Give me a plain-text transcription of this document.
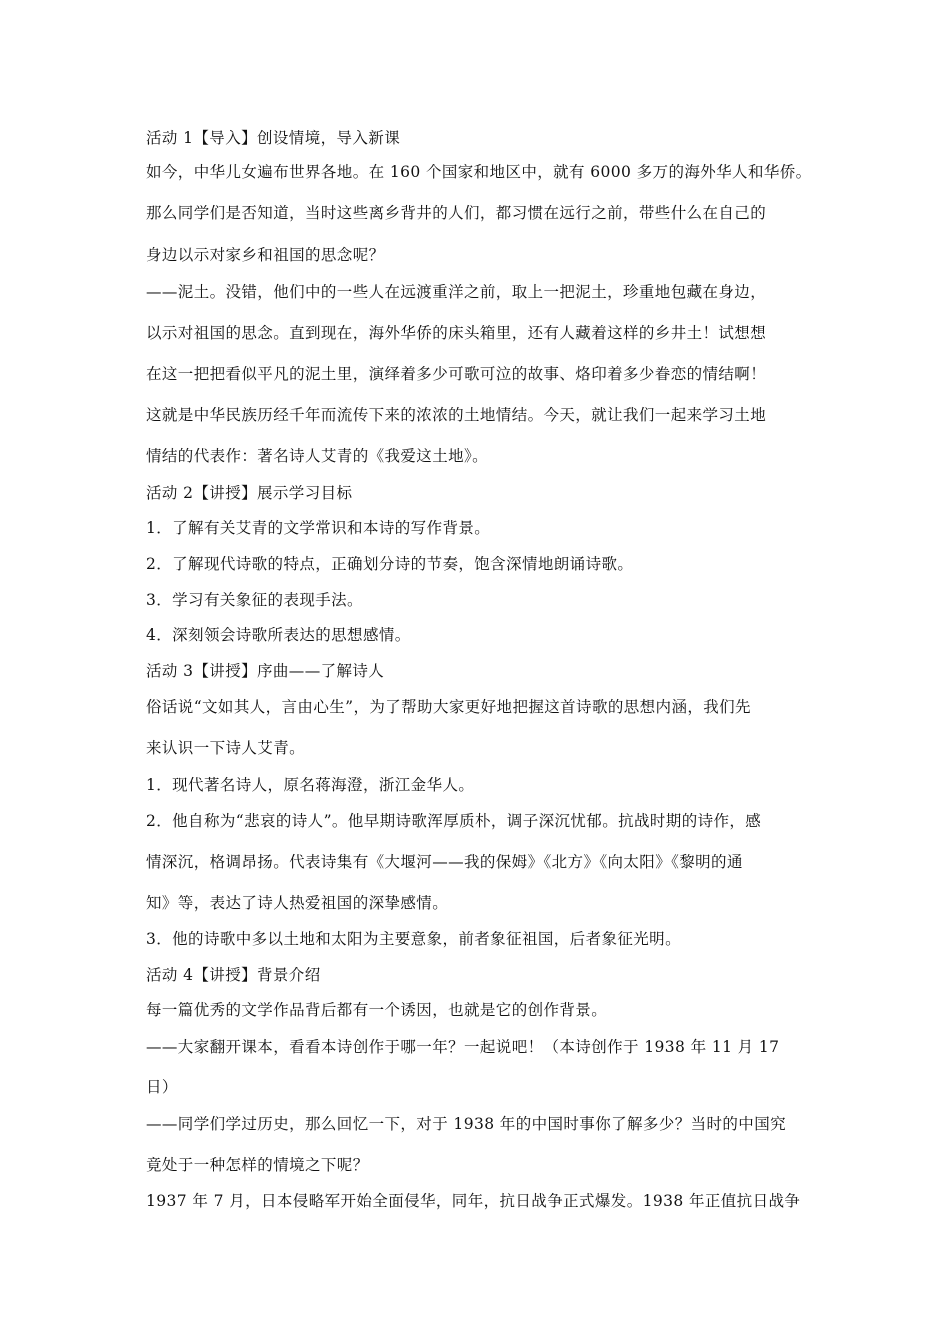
活动 1【导入】创设情境，导入新课
如今，中华儿女遍布世界各地。在 160 个国家和地区中，就有 6000 多万的海外华人和华侨。
那么同学们是否知道，当时这些离乡背井的人们，都习惯在远行之前，带些什么在自己的
身边以示对家乡和祖国的思念呢？
——泥土。没错，他们中的一些人在远渡重洋之前，取上一把泥土，珍重地包藏在身边，
以示对祖国的思念。直到现在，海外华侨的床头箱里，还有人藏着这样的乡井土！试想想
在这一把把看似平凡的泥土里，演绎着多少可歌可泣的故事、烙印着多少眷恋的情结啊！
这就是中华民族历经千年而流传下来的浓浓的土地情结。今天，就让我们一起来学习土地
情结的代表作：著名诗人艾青的《我爱这土地》。
活动 2【讲授】展示学习目标
1．了解有关艾青的文学常识和本诗的写作背景。
2．了解现代诗歌的特点，正确划分诗的节奏，饱含深情地朗诵诗歌。
3．学习有关象征的表现手法。
4．深刻领会诗歌所表达的思想感情。
活动 3【讲授】序曲——了解诗人
俗话说“文如其人，言由心生”，为了帮助大家更好地把握这首诗歌的思想内涵，我们先
来认识一下诗人艾青。
1．现代著名诗人，原名蒋海澄，浙江金华人。
2．他自称为“悲哀的诗人”。他早期诗歌浑厚质朴，调子深沉忧郁。抗战时期的诗作，感
情深沉，格调昂扬。代表诗集有《大堰河——我的保姆》《北方》《向太阳》《黎明的通
知》等，表达了诗人热爱祖国的深挚感情。
3．他的诗歌中多以土地和太阳为主要意象，前者象征祖国，后者象征光明。
活动 4【讲授】背景介绍
每一篇优秀的文学作品背后都有一个诱因，也就是它的创作背景。
——大家翻开课本，看看本诗创作于哪一年？一起说吧！（本诗创作于 1938 年 11 月 17
日）
——同学们学过历史，那么回忆一下，对于 1938 年的中国时事你了解多少？当时的中国究
竟处于一种怎样的情境之下呢？
1937 年 7 月，日本侵略军开始全面侵华，同年，抗日战争正式爆发。1938 年正值抗日战争
